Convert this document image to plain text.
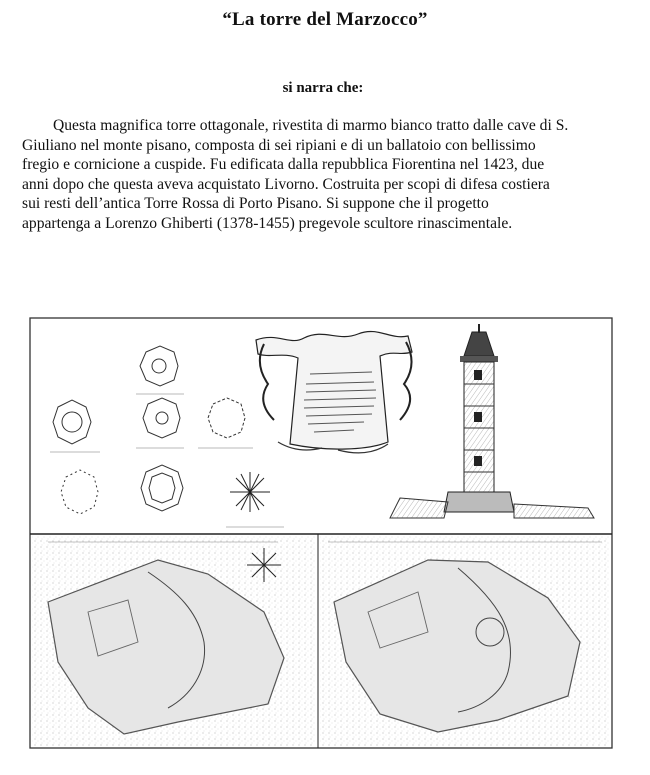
“La torre del Marzocco”
si narra che:

Questa magnifica torre ottagonale, rivestita di marmo bianco tratto dalle cave di S.
Giuliano nel monte pisano, composta di sei ripiani e di un ballatoio con bellissimo
fregio e cornicione a cuspide. Fu edificata dalla repubblica Fiorentina nel 1423, due
anni dopo che questa aveva acquistato Livorno. Costruita per scopi di difesa costiera
sui resti dell’antica Torre Rossa di Porto Pisano. Si suppone che il progetto
appartenga a Lorenzo Ghiberti (1378-1455) pregevole scultore rinascimentale.
